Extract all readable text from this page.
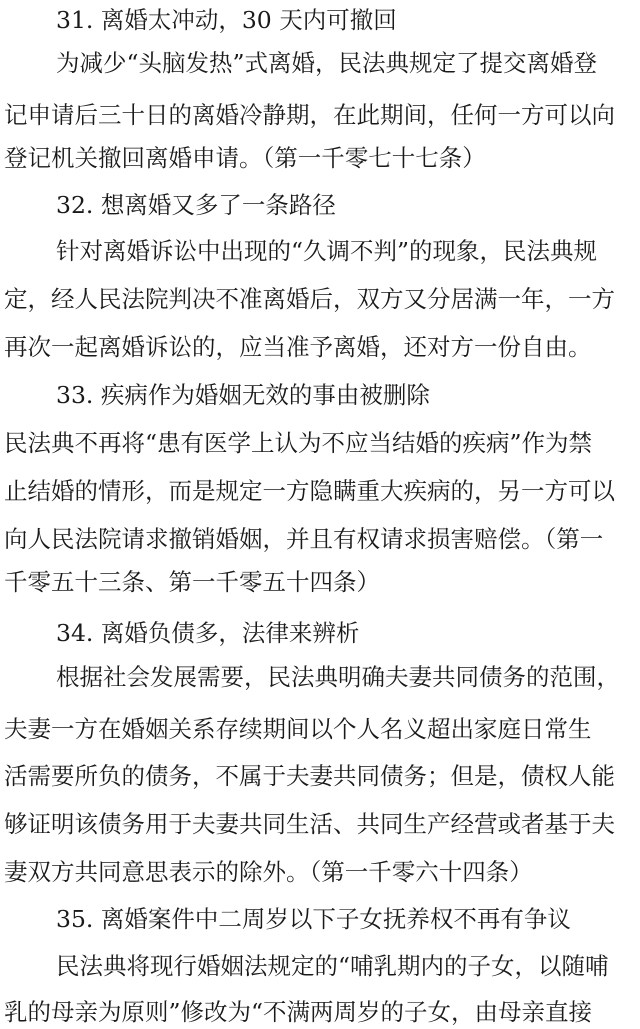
31. 离婚太冲动，30 天内可撤回
为减少“头脑发热”式离婚，民法典规定了提交离婚登
记申请后三十日的离婚冷静期，在此期间，任何一方可以向
登记机关撤回离婚申请。（第一千零七十七条）
32. 想离婚又多了一条路径
针对离婚诉讼中出现的“久调不判”的现象，民法典规
定，经人民法院判决不准离婚后，双方又分居满一年，一方
再次一起离婚诉讼的，应当准予离婚，还对方一份自由。
33. 疾病作为婚姻无效的事由被删除
民法典不再将“患有医学上认为不应当结婚的疾病”作为禁
止结婚的情形，而是规定一方隐瞒重大疾病的，另一方可以
向人民法院请求撤销婚姻，并且有权请求损害赔偿。（第一
千零五十三条、第一千零五十四条）
34. 离婚负债多，法律来辨析
根据社会发展需要，民法典明确夫妻共同债务的范围，
夫妻一方在婚姻关系存续期间以个人名义超出家庭日常生
活需要所负的债务，不属于夫妻共同债务；但是，债权人能
够证明该债务用于夫妻共同生活、共同生产经营或者基于夫
妻双方共同意思表示的除外。（第一千零六十四条）
35. 离婚案件中二周岁以下子女抚养权不再有争议
民法典将现行婚姻法规定的“哺乳期内的子女，以随哺
乳的母亲为原则”修改为“不满两周岁的子女，由母亲直接
